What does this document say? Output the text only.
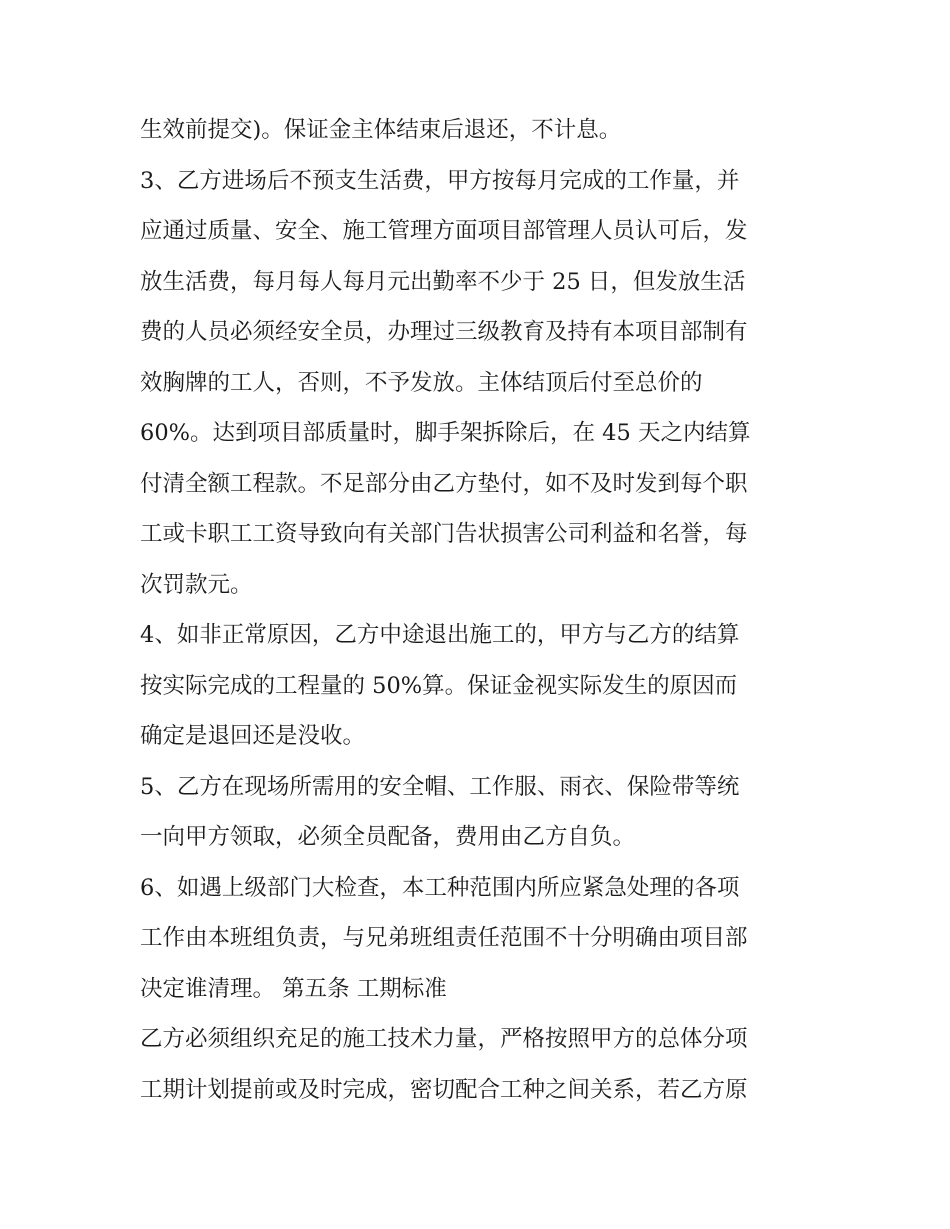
生效前提交)。保证金主体结束后退还，不计息。
3、乙方进场后不预支生活费，甲方按每月完成的工作量，并
应通过质量、安全、施工管理方面项目部管理人员认可后，发
放生活费，每月每人每月元出勤率不少于 25 日，但发放生活
费的人员必须经安全员，办理过三级教育及持有本项目部制有
效胸牌的工人，否则，不予发放。主体结顶后付至总价的
60%。达到项目部质量时，脚手架拆除后，在 45 天之内结算
付清全额工程款。不足部分由乙方垫付，如不及时发到每个职
工或卡职工工资导致向有关部门告状损害公司利益和名誉，每
次罚款元。
4、如非正常原因，乙方中途退出施工的，甲方与乙方的结算
按实际完成的工程量的 50%算。保证金视实际发生的原因而
确定是退回还是没收。
5、乙方在现场所需用的安全帽、工作服、雨衣、保险带等统
一向甲方领取，必须全员配备，费用由乙方自负。
6、如遇上级部门大检查，本工种范围内所应紧急处理的各项
工作由本班组负责，与兄弟班组责任范围不十分明确由项目部
决定谁清理。 第五条 工期标准
乙方必须组织充足的施工技术力量，严格按照甲方的总体分项
工期计划提前或及时完成，密切配合工种之间关系，若乙方原
